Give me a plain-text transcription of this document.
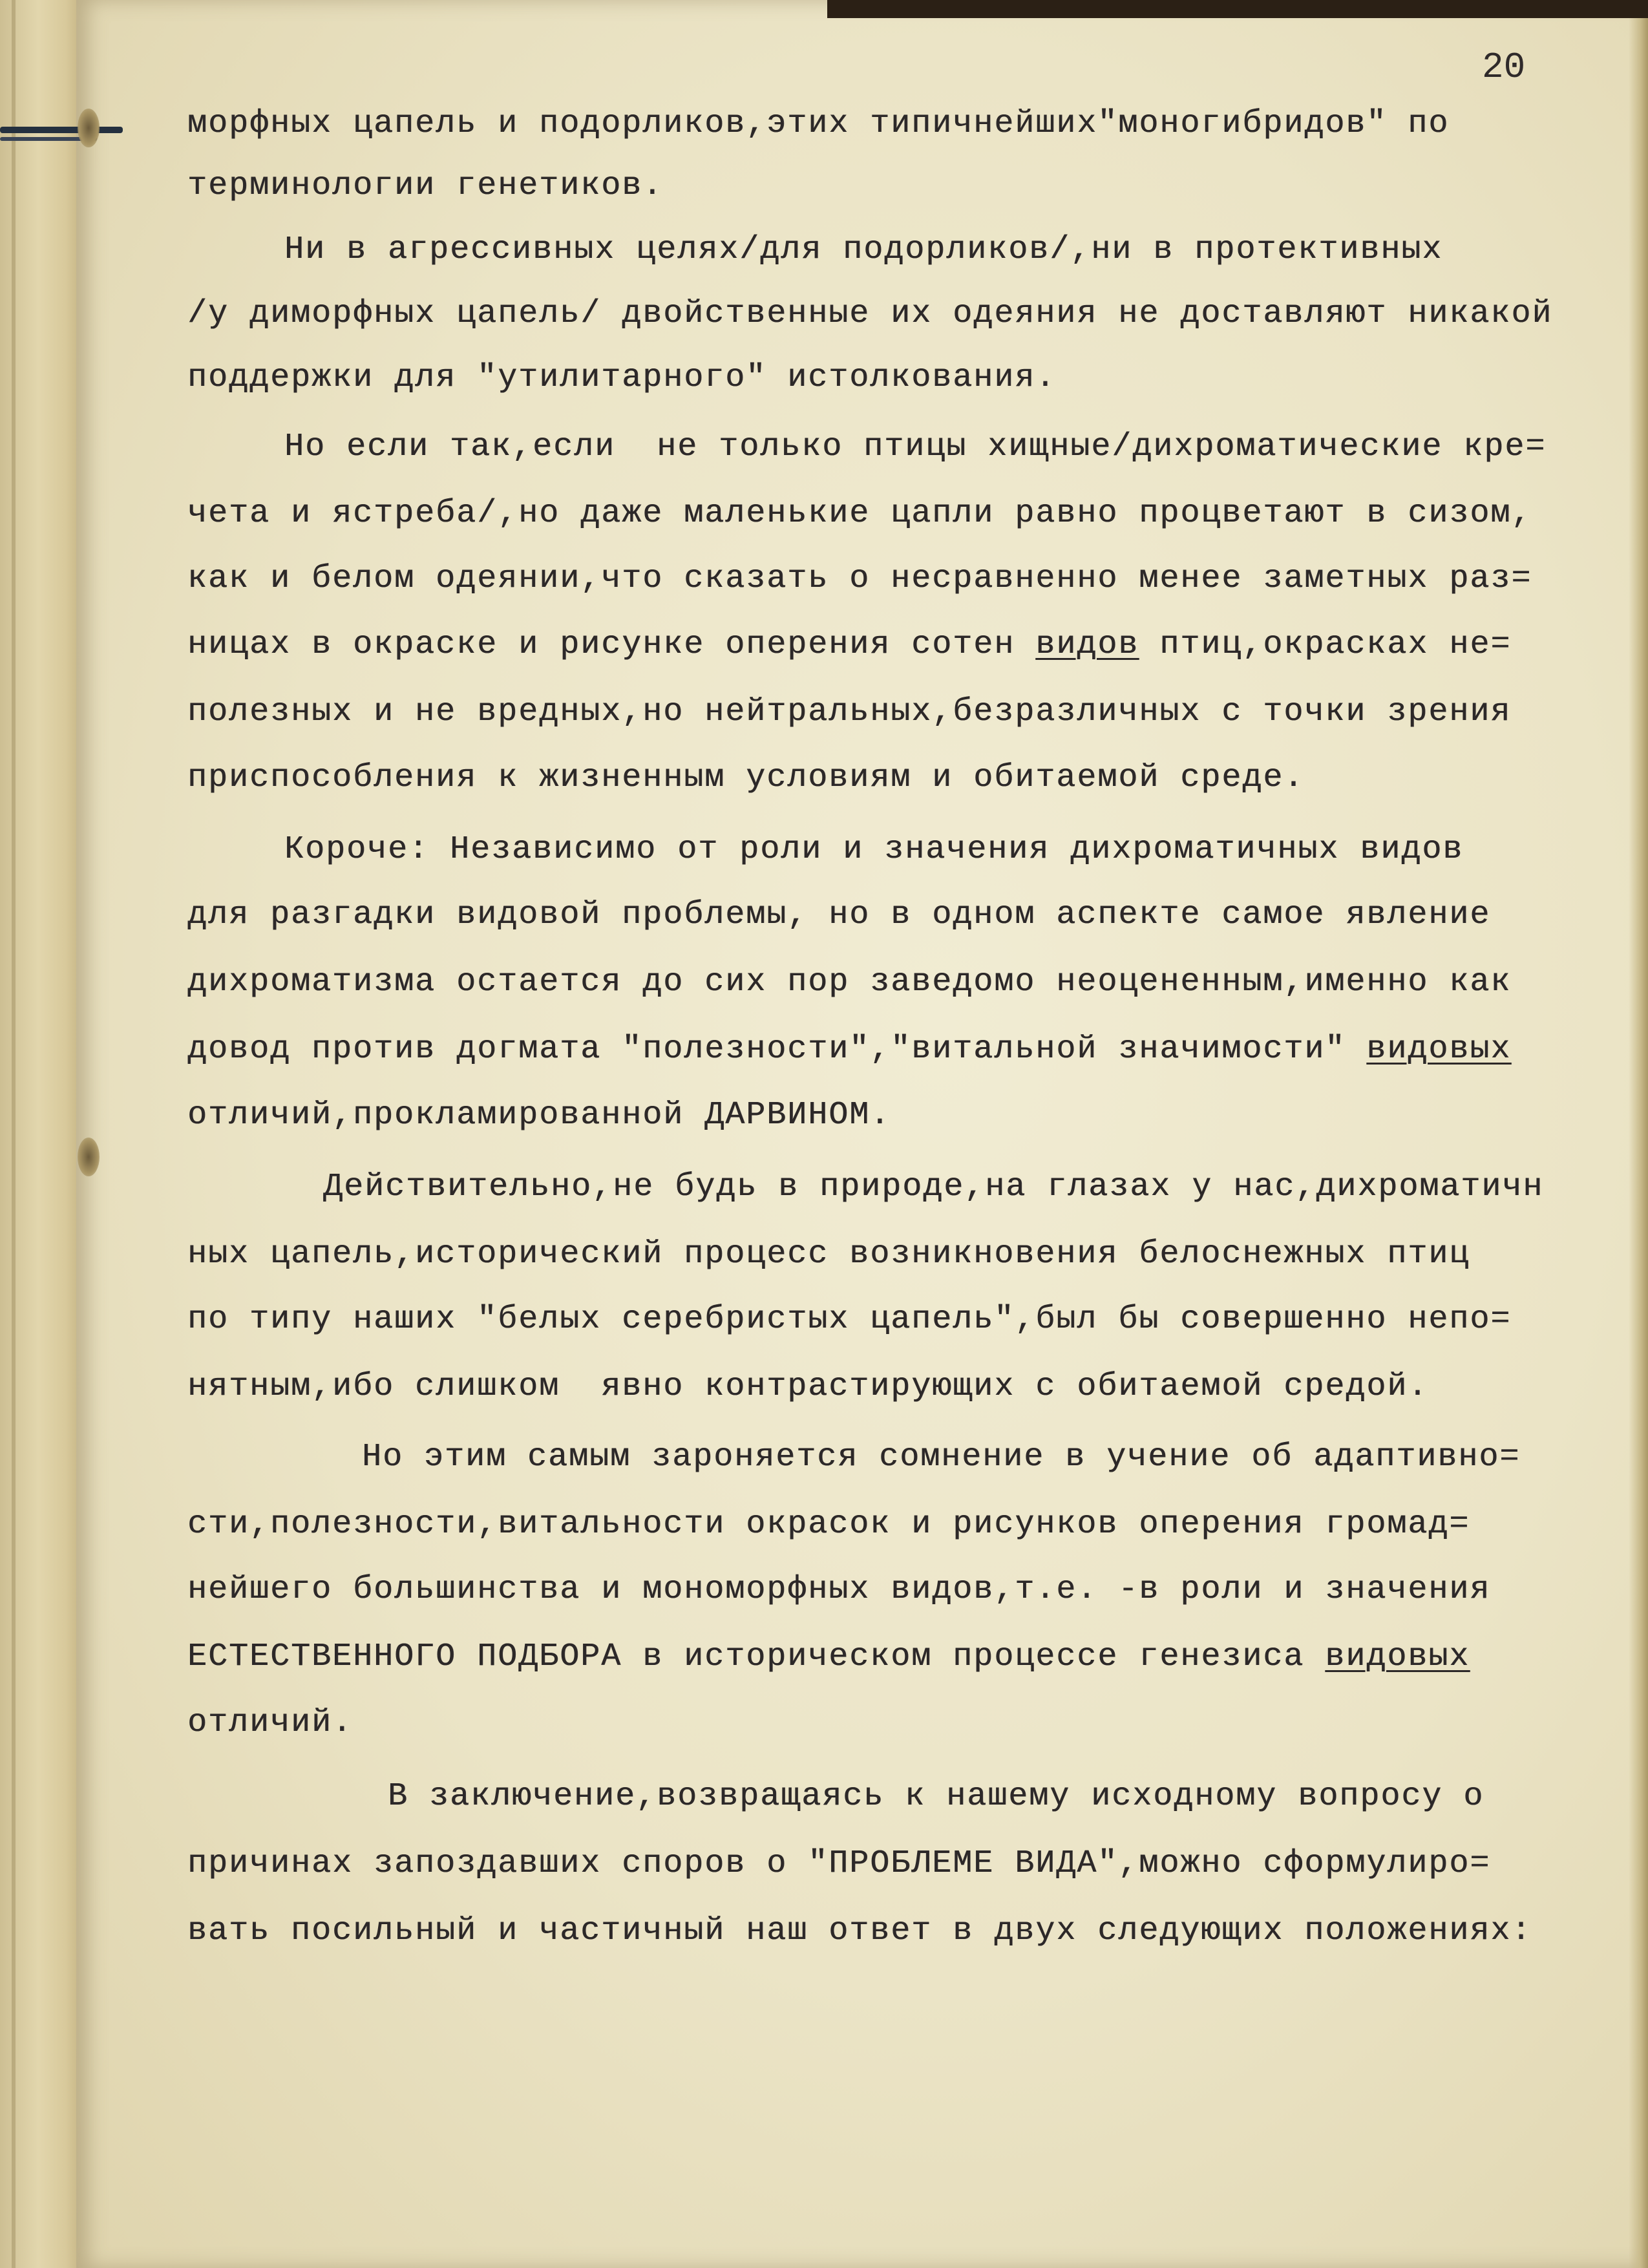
20
морфных цапель и подорликов,этих типичнейших"моногибридов" по
терминологии генетиков.
Ни в агрессивных целях/для подорликов/,ни в протективных
/у диморфных цапель/ двойственные их одеяния не доставляют никакой
поддержки для "утилитарного" истолкования.
Но если так,если  не только птицы хищные/дихроматические кре=
чета и ястреба/,но даже маленькие цапли равно процветают в сизом,
как и белом одеянии,что сказать о несравненно менее заметных раз=
ницах в окраске и рисунке оперения сотен видов птиц,окрасках не=
полезных и не вредных,но нейтральных,безразличных с точки зрения
приспособления к жизненным условиям и обитаемой среде.
Короче: Независимо от роли и значения дихроматичных видов
для разгадки видовой проблемы, но в одном аспекте самое явление
дихроматизма остается до сих пор заведомо неоцененным,именно как
довод против догмата "полезности","витальной значимости" видовых
отличий,прокламированной ДАРВИНОМ.
Действительно,не будь в природе,на глазах у нас,дихроматичн
ных цапель,исторический процесс возникновения белоснежных птиц
по типу наших "белых серебристых цапель",был бы совершенно непо=
нятным,ибо слишком  явно контрастирующих с обитаемой средой.
Но этим самым зароняется сомнение в учение об адаптивно=
сти,полезности,витальности окрасок и рисунков оперения громад=
нейшего большинства и мономорфных видов,т.е. -в роли и значения
ЕСТЕСТВЕННОГО ПОДБОРА в историческом процессе генезиса видовых
отличий.
В заключение,возвращаясь к нашему исходному вопросу о
причинах запоздавших споров о "ПРОБЛЕМЕ ВИДА",можно сформулиро=
вать посильный и частичный наш ответ в двух следующих положениях:
